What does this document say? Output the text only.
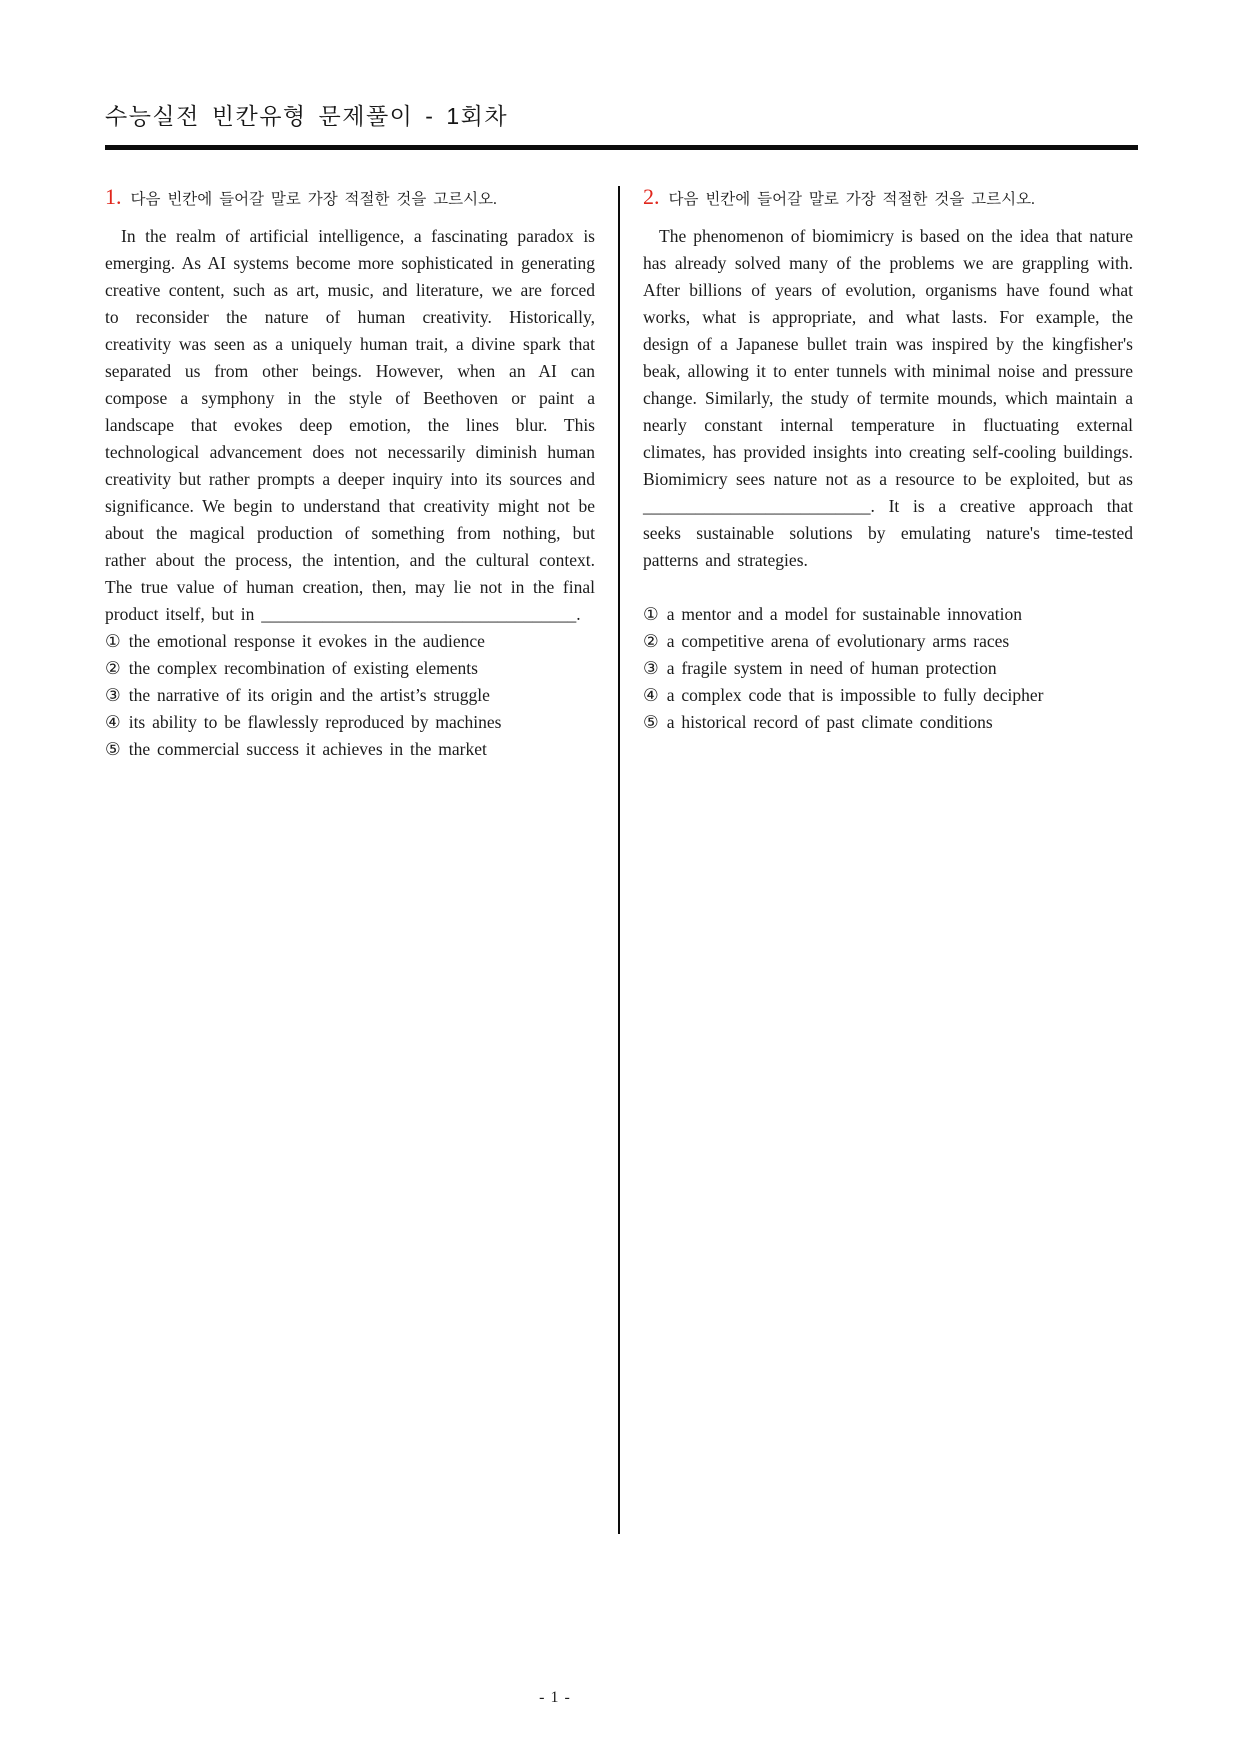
수능실전 빈칸유형 문제풀이 - 1회차
1. 다음 빈칸에 들어갈 말로 가장 적절한 것을 고르시오.

In the realm of artificial intelligence, a fascinating paradox is emerging. As AI systems become more sophisticated in generating creative content, such as art, music, and literature, we are forced to reconsider the nature of human creativity. Historically, creativity was seen as a uniquely human trait, a divine spark that separated us from other beings. However, when an AI can compose a symphony in the style of Beethoven or paint a landscape that evokes deep emotion, the lines blur. This technological advancement does not necessarily diminish human creativity but rather prompts a deeper inquiry into its sources and significance. We begin to understand that creativity might not be about the magical production of something from nothing, but rather about the process, the intention, and the cultural context. The true value of human creation, then, may lie not in the final product itself, but in ____________________________________.

① the emotional response it evokes in the audience
② the complex recombination of existing elements
③ the narrative of its origin and the artist’s struggle
④ its ability to be flawlessly reproduced by machines
⑤ the commercial success it achieves in the market
2. 다음 빈칸에 들어갈 말로 가장 적절한 것을 고르시오.

The phenomenon of biomimicry is based on the idea that nature has already solved many of the problems we are grappling with. After billions of years of evolution, organisms have found what works, what is appropriate, and what lasts. For example, the design of a Japanese bullet train was inspired by the kingfisher's beak, allowing it to enter tunnels with minimal noise and pressure change. Similarly, the study of termite mounds, which maintain a nearly constant internal temperature in fluctuating external climates, has provided insights into creating self-cooling buildings. Biomimicry sees nature not as a resource to be exploited, but as __________________________. It is a creative approach that seeks sustainable solutions by emulating nature's time-tested patterns and strategies.

① a mentor and a model for sustainable innovation
② a competitive arena of evolutionary arms races
③ a fragile system in need of human protection
④ a complex code that is impossible to fully decipher
⑤ a historical record of past climate conditions
- 1 -
